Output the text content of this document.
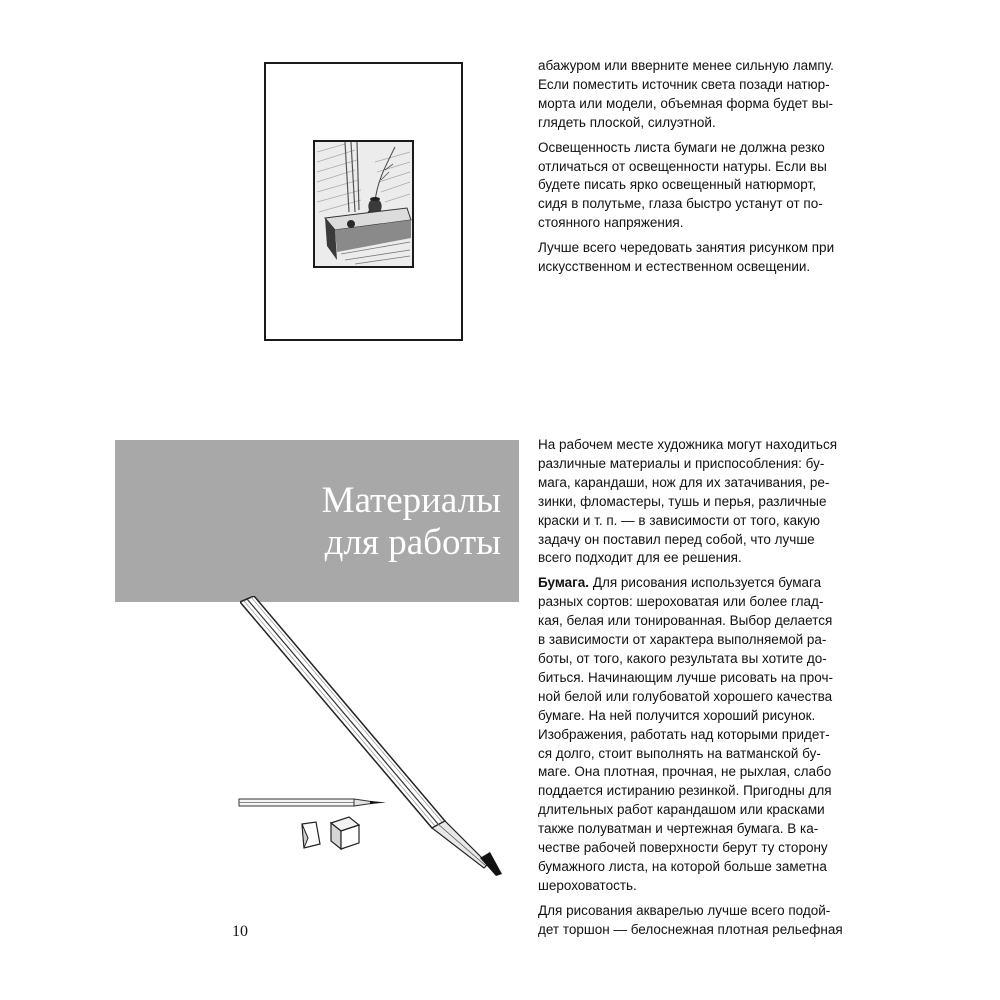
абажуром или вверните менее сильную лампу.
Если поместить источник света позади натюр-
морта или модели, объемная форма будет вы-
глядеть плоской, силуэтной.

Освещенность листа бумаги не должна резко
отличаться от освещенности натуры. Если вы
будете писать ярко освещенный натюрморт,
сидя в полутьме, глаза быстро устанут от по-
стоянного напряжения.

Лучше всего чередовать занятия рисунком при
искусственном и естественном освещении.

Материалы
для работы

На рабочем месте художника могут находиться
различные материалы и приспособления: бу-
мага, карандаши, нож для их затачивания, ре-
зинки, фломастеры, тушь и перья, различные
краски и т. п. — в зависимости от того, какую
задачу он поставил перед собой, что лучше
всего подходит для ее решения.

Бумага. Для рисования используется бумага
разных сортов: шероховатая или более глад-
кая, белая или тонированная. Выбор делается
в зависимости от характера выполняемой ра-
боты, от того, какого результата вы хотите до-
биться. Начинающим лучше рисовать на проч-
ной белой или голубоватой хорошего качества
бумаге. На ней получится хороший рисунок.
Изображения, работать над которыми придет-
ся долго, стоит выполнять на ватманской бу-
маге. Она плотная, прочная, не рыхлая, слабо
поддается истиранию резинкой. Пригодны для
длительных работ карандашом или красками
также полуватман и чертежная бумага. В ка-
честве рабочей поверхности берут ту сторону
бумажного листа, на которой больше заметна
шероховатость.

Для рисования акварелью лучше всего подой-
дет торшон — белоснежная плотная рельефная

10
